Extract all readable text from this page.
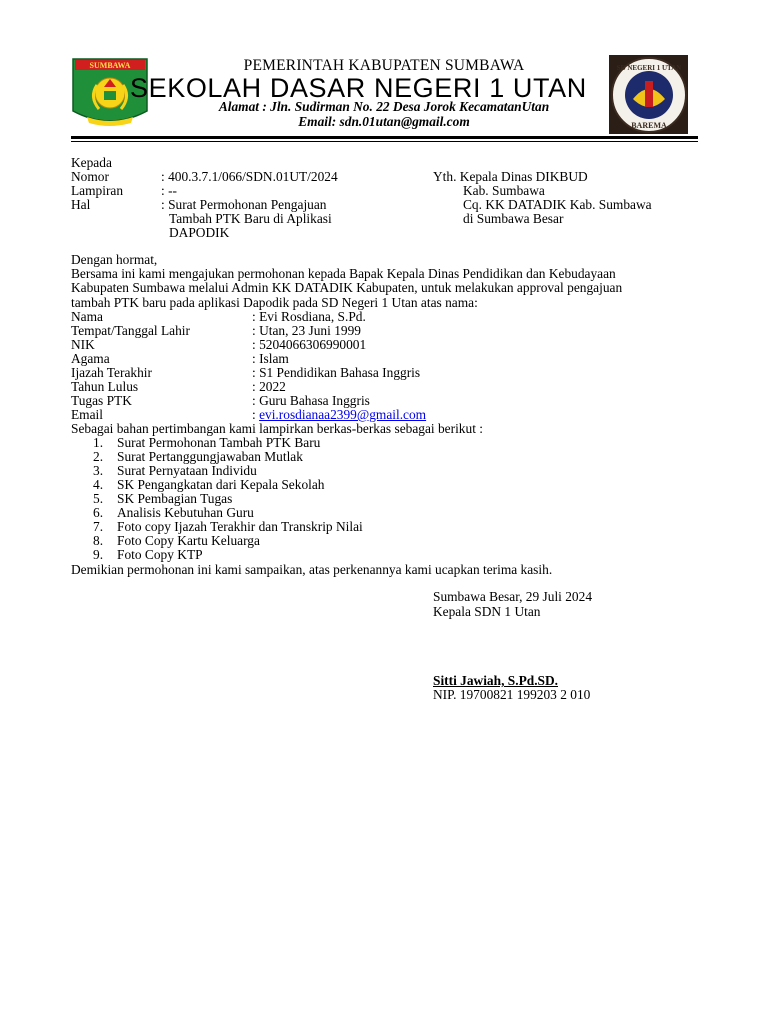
SUMBAWA	PEMERINTAH KABUPATEN SUMBAWA
SEKOLAH DASAR NEGERI 1 UTAN
Alamat : Jln. Sudirman No. 22 Desa Jorok KecamatanUtan
Email: sdn.01utan@gmail.com
SD NEGERI 1 UTAN
BAREMA
Kepada
Nomor	: 400.3.7.1/066/SDN.01UT/2024
Lampiran	: --
Hal	: Surat Permohonan Pengajuan
Tambah PTK Baru di Aplikasi
DAPODIK
Yth. Kepala Dinas DIKBUD
Kab. Sumbawa
Cq. KK DATADIK Kab. Sumbawa
di Sumbawa Besar
Dengan hormat,
Bersama ini kami mengajukan permohonan kepada Bapak Kepala Dinas Pendidikan dan Kebudayaan
Kabupaten Sumbawa melalui Admin KK DATADIK Kabupaten, untuk melakukan approval pengajuan
tambah PTK baru pada aplikasi Dapodik pada SD Negeri 1 Utan atas nama:
Nama	: Evi Rosdiana, S.Pd.
Tempat/Tanggal Lahir	: Utan, 23 Juni 1999
NIK	: 5204066306990001
Agama	: Islam
Ijazah Terakhir	: S1 Pendidikan Bahasa Inggris
Tahun Lulus	: 2022
Tugas PTK	: Guru Bahasa Inggris
Email	: evi.rosdianaa2399@gmail.com
Sebagai bahan pertimbangan kami lampirkan berkas-berkas sebagai berikut :
1. Surat Permohonan Tambah PTK Baru
2. Surat Pertanggungjawaban Mutlak
3. Surat Pernyataan Individu
4. SK Pengangkatan dari Kepala Sekolah
5. SK Pembagian Tugas
6. Analisis Kebutuhan Guru
7. Foto copy Ijazah Terakhir dan Transkrip Nilai
8. Foto Copy Kartu Keluarga
9. Foto Copy KTP
Demikian permohonan ini kami sampaikan, atas perkenannya kami ucapkan terima kasih.
Sumbawa Besar, 29 Juli 2024
Kepala SDN 1 Utan
Sitti Jawiah, S.Pd.SD.
NIP. 19700821 199203 2 010
